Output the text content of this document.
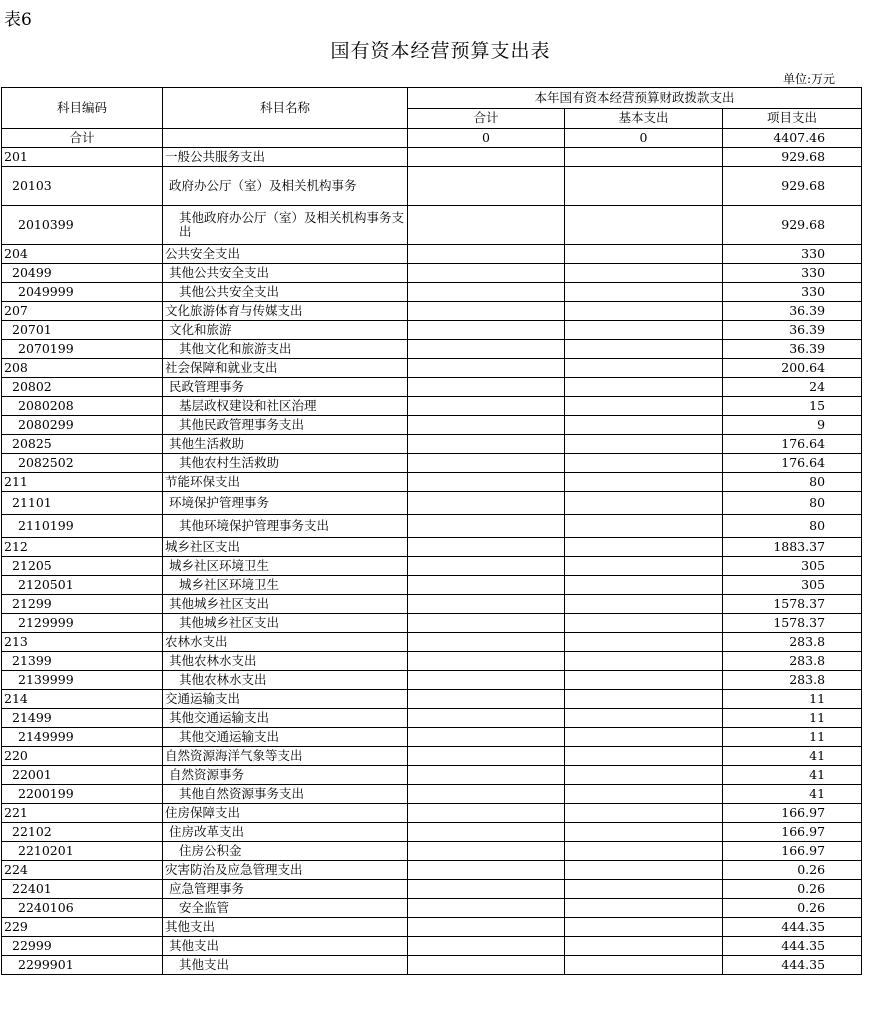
表6
国有资本经营预算支出表
单位:万元
科目编码	科目名称	本年国有资本经营预算财政拨款支出		
		合计	基本支出	项目支出
合计		0	0	4407.46
201	一般公共服务支出			929.68
20103	政府办公厅（室）及相关机构事务			929.68
2010399	其他政府办公厅（室）及相关机构事务支出			929.68
204	公共安全支出			330
20499	其他公共安全支出			330
2049999	其他公共安全支出			330
207	文化旅游体育与传媒支出			36.39
20701	文化和旅游			36.39
2070199	其他文化和旅游支出			36.39
208	社会保障和就业支出			200.64
20802	民政管理事务			24
2080208	基层政权建设和社区治理			15
2080299	其他民政管理事务支出			9
20825	其他生活救助			176.64
2082502	其他农村生活救助			176.64
211	节能环保支出			80
21101	环境保护管理事务			80
2110199	其他环境保护管理事务支出			80
212	城乡社区支出			1883.37
21205	城乡社区环境卫生			305
2120501	城乡社区环境卫生			305
21299	其他城乡社区支出			1578.37
2129999	其他城乡社区支出			1578.37
213	农林水支出			283.8
21399	其他农林水支出			283.8
2139999	其他农林水支出			283.8
214	交通运输支出			11
21499	其他交通运输支出			11
2149999	其他交通运输支出			11
220	自然资源海洋气象等支出			41
22001	自然资源事务			41
2200199	其他自然资源事务支出			41
221	住房保障支出			166.97
22102	住房改革支出			166.97
2210201	住房公积金			166.97
224	灾害防治及应急管理支出			0.26
22401	应急管理事务			0.26
2240106	安全监管			0.26
229	其他支出			444.35
22999	其他支出			444.35
2299901	其他支出			444.35
